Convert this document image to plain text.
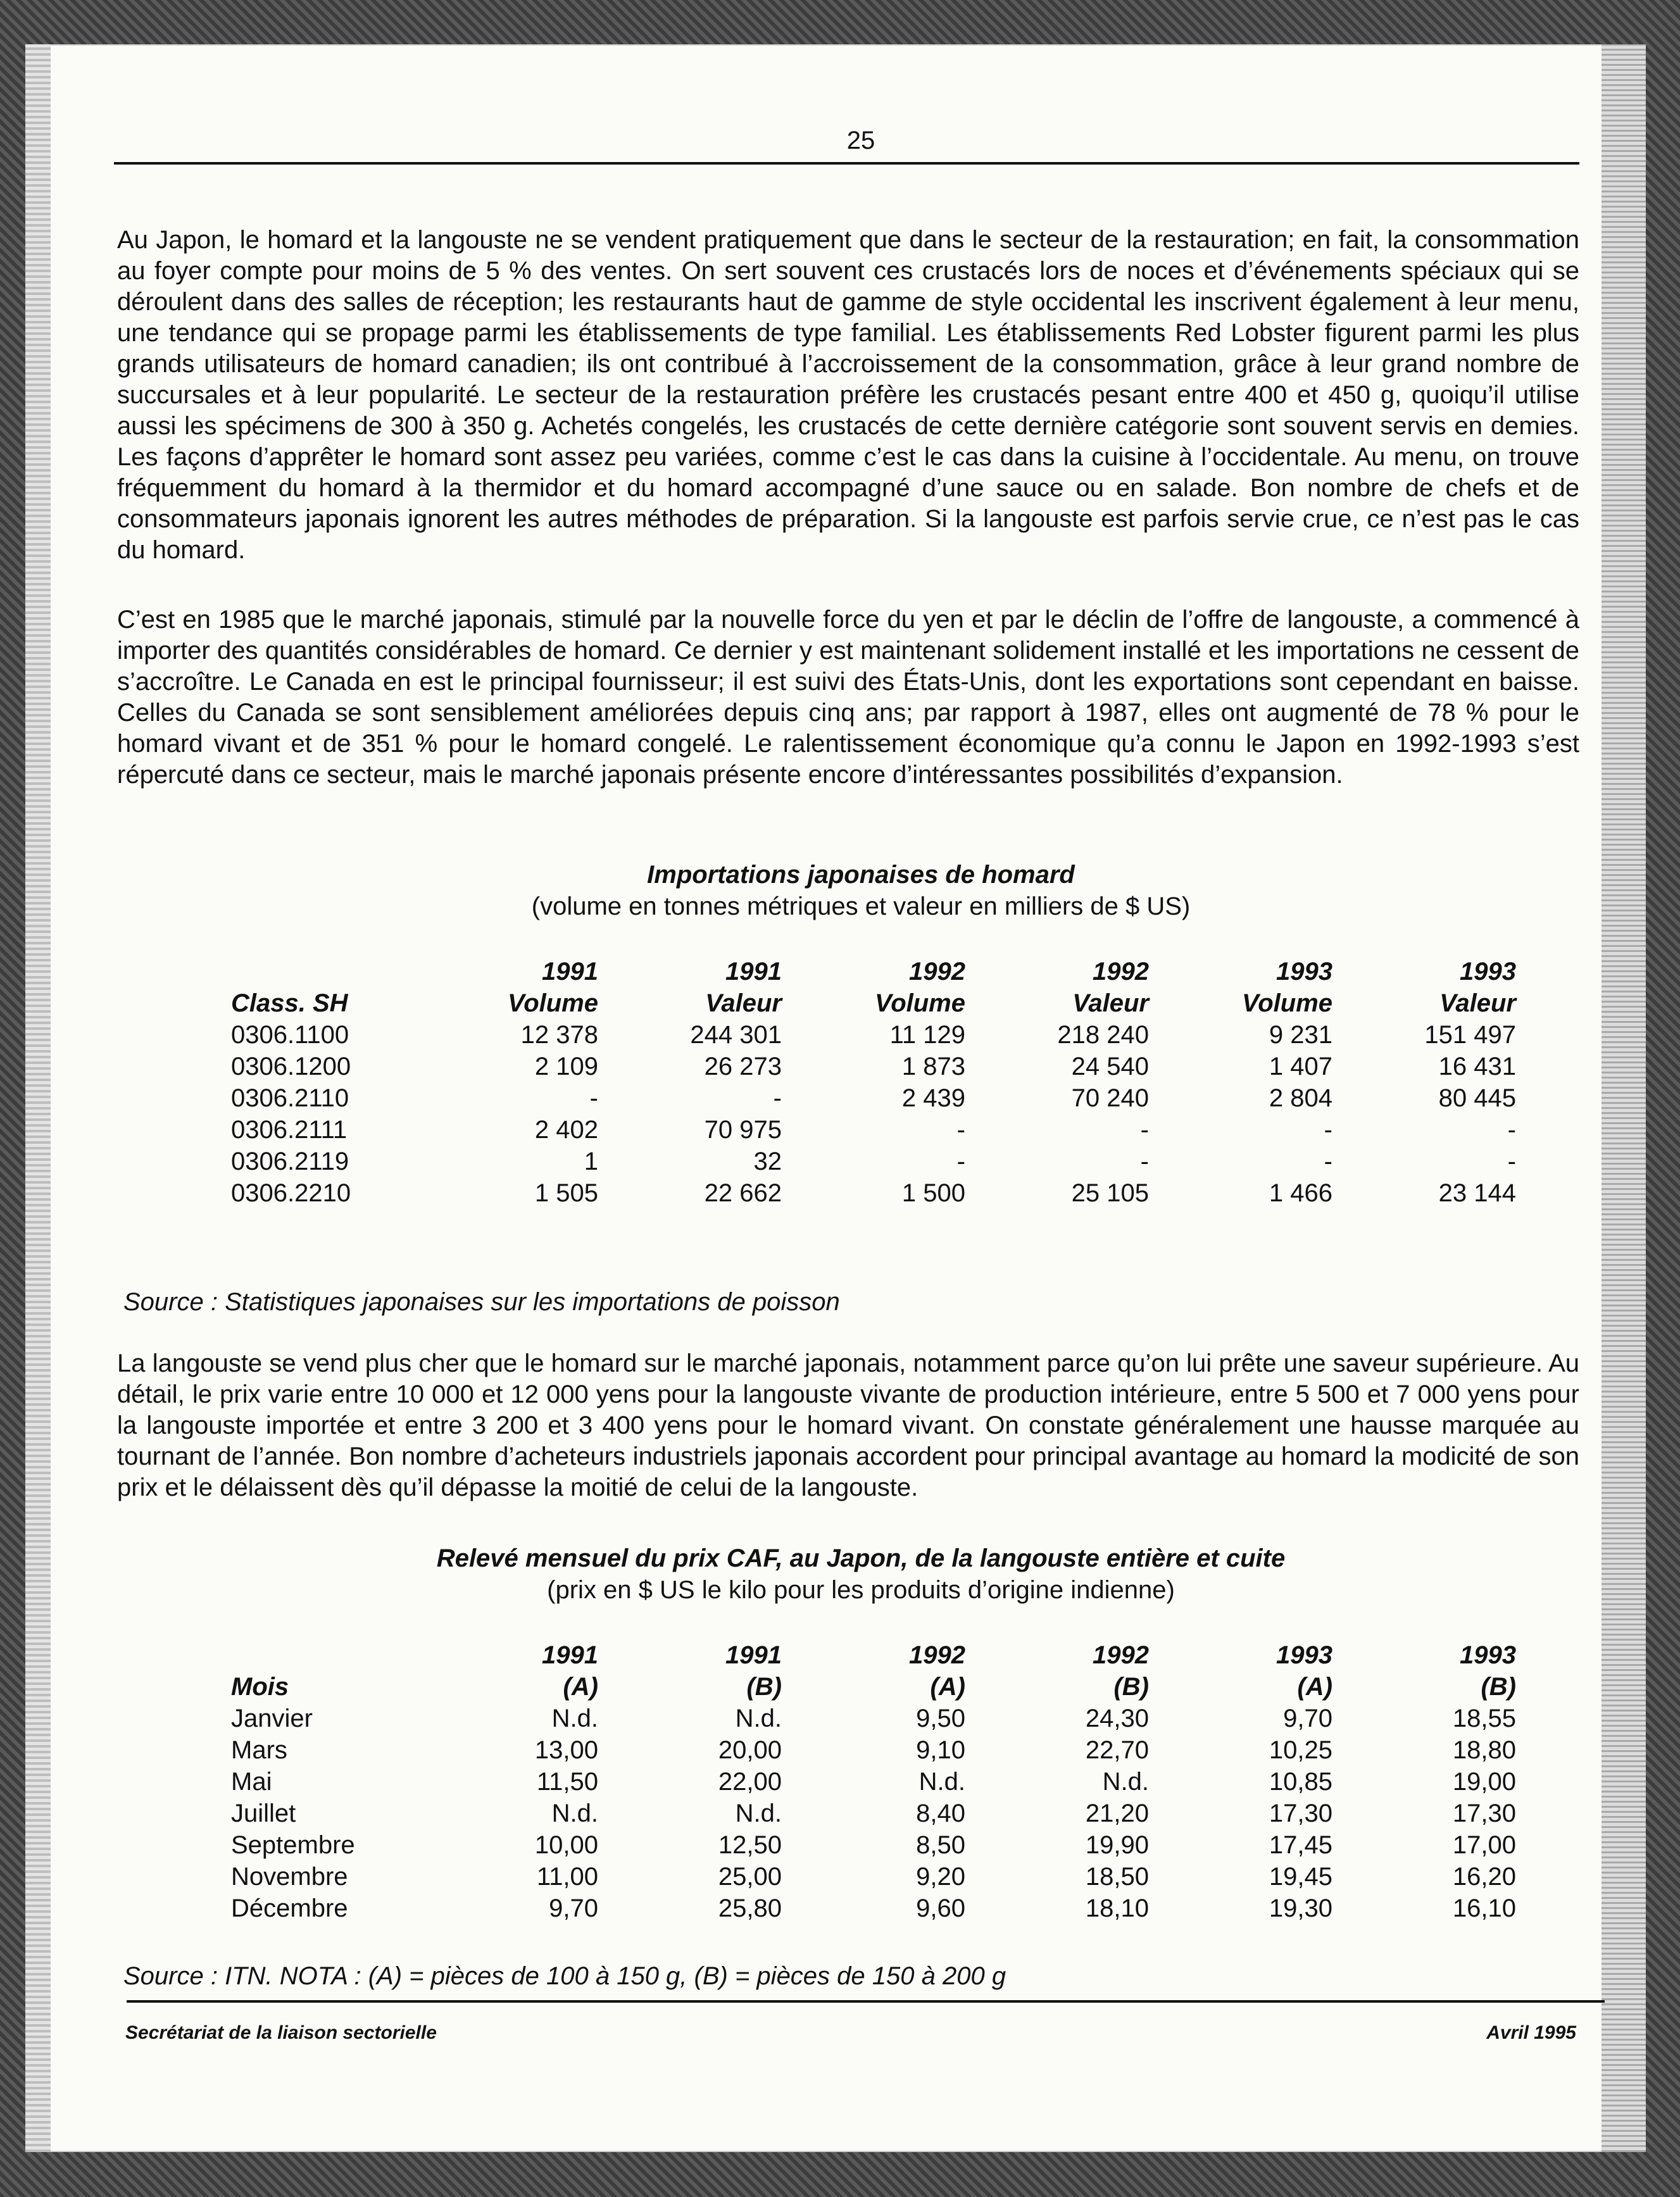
25
Au Japon, le homard et la langouste ne se vendent pratiquement que dans le secteur de la restauration; en fait, la consommation au foyer compte pour moins de 5 % des ventes. On sert souvent ces crustacés lors de noces et d’événements spéciaux qui se déroulent dans des salles de réception; les restaurants haut de gamme de style occidental les inscrivent également à leur menu, une tendance qui se propage parmi les établissements de type familial. Les établissements Red Lobster figurent parmi les plus grands utilisateurs de homard canadien; ils ont contribué à l’accroissement de la consommation, grâce à leur grand nombre de succursales et à leur popularité. Le secteur de la restauration préfère les crustacés pesant entre 400 et 450 g, quoiqu’il utilise aussi les spécimens de 300 à 350 g. Achetés congelés, les crustacés de cette dernière catégorie sont souvent servis en demies. Les façons d’apprêter le homard sont assez peu variées, comme c’est le cas dans la cuisine à l’occidentale. Au menu, on trouve fréquemment du homard à la thermidor et du homard accompagné d’une sauce ou en salade. Bon nombre de chefs et de consommateurs japonais ignorent les autres méthodes de préparation. Si la langouste est parfois servie crue, ce n’est pas le cas du homard.
C’est en 1985 que le marché japonais, stimulé par la nouvelle force du yen et par le déclin de l’offre de langouste, a commencé à importer des quantités considérables de homard. Ce dernier y est maintenant solidement installé et les importations ne cessent de s’accroître. Le Canada en est le principal fournisseur; il est suivi des États-Unis, dont les exportations sont cependant en baisse. Celles du Canada se sont sensiblement améliorées depuis cinq ans; par rapport à 1987, elles ont augmenté de 78 % pour le homard vivant et de 351 % pour le homard congelé. Le ralentissement économique qu’a connu le Japon en 1992-1993 s’est répercuté dans ce secteur, mais le marché japonais présente encore d’intéressantes possibilités d’expansion.
Importations japonaises de homard
(volume en tonnes métriques et valeur en milliers de $ US)
	1991	1991	1992	1992	1993	1993
Class. SH	Volume	Valeur	Volume	Valeur	Volume	Valeur
0306.1100	12 378	244 301	11 129	218 240	9 231	151 497
0306.1200	2 109	26 273	1 873	24 540	1 407	16 431
0306.2110	-	-	2 439	70 240	2 804	80 445
0306.2111	2 402	70 975	-	-	-	-
0306.2119	1	32	-	-	-	-
0306.2210	1 505	22 662	1 500	25 105	1 466	23 144
Source : Statistiques japonaises sur les importations de poisson
La langouste se vend plus cher que le homard sur le marché japonais, notamment parce qu’on lui prête une saveur supérieure. Au détail, le prix varie entre 10 000 et 12 000 yens pour la langouste vivante de production intérieure, entre 5 500 et 7 000 yens pour la langouste importée et entre 3 200 et 3 400 yens pour le homard vivant. On constate généralement une hausse marquée au tournant de l’année. Bon nombre d’acheteurs industriels japonais accordent pour principal avantage au homard la modicité de son prix et le délaissent dès qu’il dépasse la moitié de celui de la langouste.
Relevé mensuel du prix CAF, au Japon, de la langouste entière et cuite
(prix en $ US le kilo pour les produits d’origine indienne)
	1991	1991	1992	1992	1993	1993
Mois	(A)	(B)	(A)	(B)	(A)	(B)
Janvier	N.d.	N.d.	9,50	24,30	9,70	18,55
Mars	13,00	20,00	9,10	22,70	10,25	18,80
Mai	11,50	22,00	N.d.	N.d.	10,85	19,00
Juillet	N.d.	N.d.	8,40	21,20	17,30	17,30
Septembre	10,00	12,50	8,50	19,90	17,45	17,00
Novembre	11,00	25,00	9,20	18,50	19,45	16,20
Décembre	9,70	25,80	9,60	18,10	19,30	16,10
Source : ITN. NOTA : (A) = pièces de 100 à 150 g, (B) = pièces de 150 à 200 g
Secrétariat de la liaison sectorielle	Avril 1995
